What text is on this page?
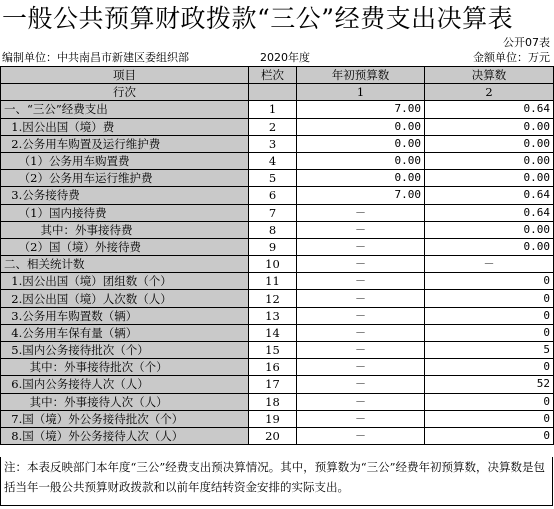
一般公共预算财政拨款“三公”经费支出决算表
公开07表
编制单位：中共南昌市新建区委组织部	2020年度	金额单位：万元
项目	栏次	年初预算数	决算数
行次		1	2
一、“三公”经费支出	1	7.00	0.64
1.因公出国（境）费	2	0.00	0.00
2.公务用车购置及运行维护费	3	0.00	0.00
（1）公务用车购置费	4	0.00	0.00
（2）公务用车运行维护费	5	0.00	0.00
3.公务接待费	6	7.00	0.64
（1）国内接待费	7	－	0.64
其中：外事接待费	8	－	0.00
（2）国（境）外接待费	9	－	0.00
二、相关统计数	10	－	－
1.因公出国（境）团组数（个）	11	－	0
2.因公出国（境）人次数（人）	12	－	0
3.公务用车购置数（辆）	13	－	0
4.公务用车保有量（辆）	14	－	0
5.国内公务接待批次（个）	15	－	5
其中：外事接待批次（个）	16	－	0
6.国内公务接待人次（人）	17	－	52
其中：外事接待人次（人）	18	－	0
7.国（境）外公务接待批次（个）	19	－	0
8.国（境）外公务接待人次（人）	20	－	0
注：本表反映部门本年度“三公”经费支出预决算情况。其中，预算数为“三公”经费年初预算数，决算数是包括当年一般公共预算财政拨款和以前年度结转资金安排的实际支出。
